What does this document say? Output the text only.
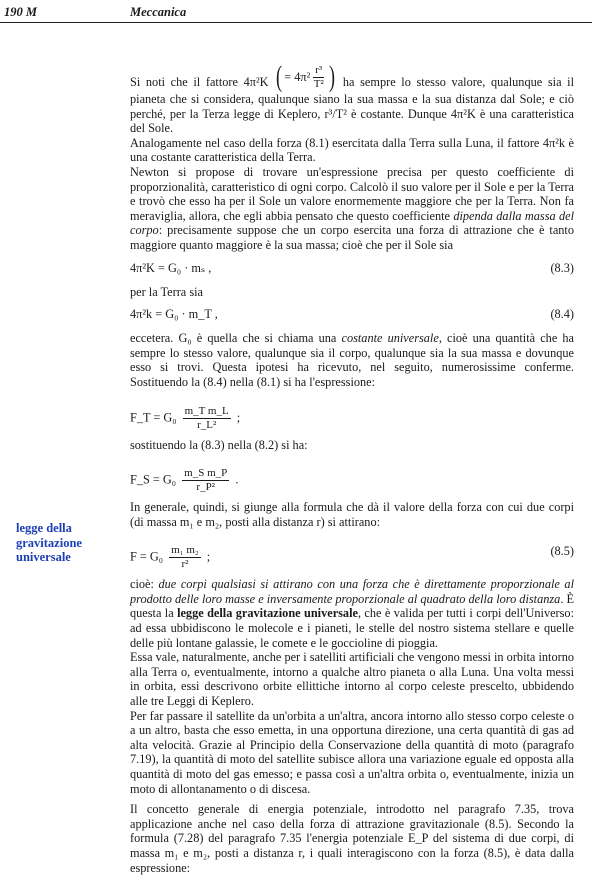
190 M	Meccanica
legge della
gravitazione
universale

Si noti che il fattore 4π²K ( = $4\pi^2 \frac{\text{r³}}{\text{T²}}$ ) ha sempre lo stesso valore, qualunque sia il pianeta che si considera, qualunque siano la sua massa e la sua distanza dal Sole; e ciò perché, per la Terza legge di Keplero, r³/T² è costante. Dunque 4π²K è una caratteristica del Sole.

Analogamente nel caso della forza (8.1) esercitata dalla Terra sulla Luna, il fattore 4π²k è una costante caratteristica della Terra.

Newton si propose di trovare un'espressione precisa per questo coefficiente di proporzionalità, caratteristico di ogni corpo. Calcolò il suo valore per il Sole e per la Terra e trovò che esso ha per il Sole un valore enormemente maggiore che per la Terra. Non fa meraviglia, allora, che egli abbia pensato che questo coefficiente dipenda dalla massa del corpo: precisamente suppose che un corpo esercita una forza di attrazione che è tanto maggiore quanto maggiore è la sua massa; cioè che per il Sole sia

4π²K = G₀ · mₛ ,	(8.3)

per la Terra sia

4π²k = G₀ · m_T ,	(8.4)

eccetera. G₀ è quella che si chiama una costante universale, cioè una quantità che ha sempre lo stesso valore, qualunque sia il corpo, qualunque sia la sua massa e dovunque esso si trovi. Questa ipotesi ha ricevuto, nel seguito, numerosissime conferme. Sostituendo la (8.4) nella (8.1) si ha l'espressione:

F_T = $G_0 \frac{\text{m\_T m\_L}}{\text{r\_L²}}$ ;

sostituendo la (8.3) nella (8.2) si ha:

F_S = $G_0 \frac{\text{m\_S m\_P}}{\text{r\_P²}}$ .

In generale, quindi, si giunge alla formula che dà il valore della forza con cui due corpi (di massa m₁ e m₂, posti alla distanza r) si attirano:

$F = G_0 \frac{\text{m₁ m₂}}{\text{r²}}$ ;	(8.5)

cioè: due corpi qualsiasi si attirano con una forza che è direttamente proporzionale al prodotto delle loro masse e inversamente proporzionale al quadrato della loro distanza. È questa la legge della gravitazione universale, che è valida per tutti i corpi dell'Universo: ad essa ubbidiscono le molecole e i pianeti, le stelle del nostro sistema stellare e quelle delle più lontane galassie, le comete e le goccioline di pioggia.

Essa vale, naturalmente, anche per i satelliti artificiali che vengono messi in orbita intorno alla Terra o, eventualmente, intorno a qualche altro pianeta o alla Luna. Una volta messi in orbita, essi descrivono orbite ellittiche intorno al corpo celeste prescelto, ubbidendo alle tre Leggi di Keplero.

Per far passare il satellite da un'orbita a un'altra, ancora intorno allo stesso corpo celeste o a un altro, basta che esso emetta, in una opportuna direzione, una certa quantità di gas ad alta velocità. Grazie al Principio della Conservazione della quantità di moto (paragrafo 7.19), la quantità di moto del satellite subisce allora una variazione eguale ed opposta alla quantità di moto del gas emesso; e passa così a un'altra orbita o, eventualmente, inizia un moto di allontanamento o di discesa.

Il concetto generale di energia potenziale, introdotto nel paragrafo 7.35, trova applicazione anche nel caso della forza di attrazione gravitazionale (8.5). Secondo la formula (7.28) del paragrafo 7.35 l'energia potenziale E_P del sistema di due corpi, di massa m₁ e m₂, posti a distanza r, i quali interagiscono con la forza (8.5), è data dalla espressione:
